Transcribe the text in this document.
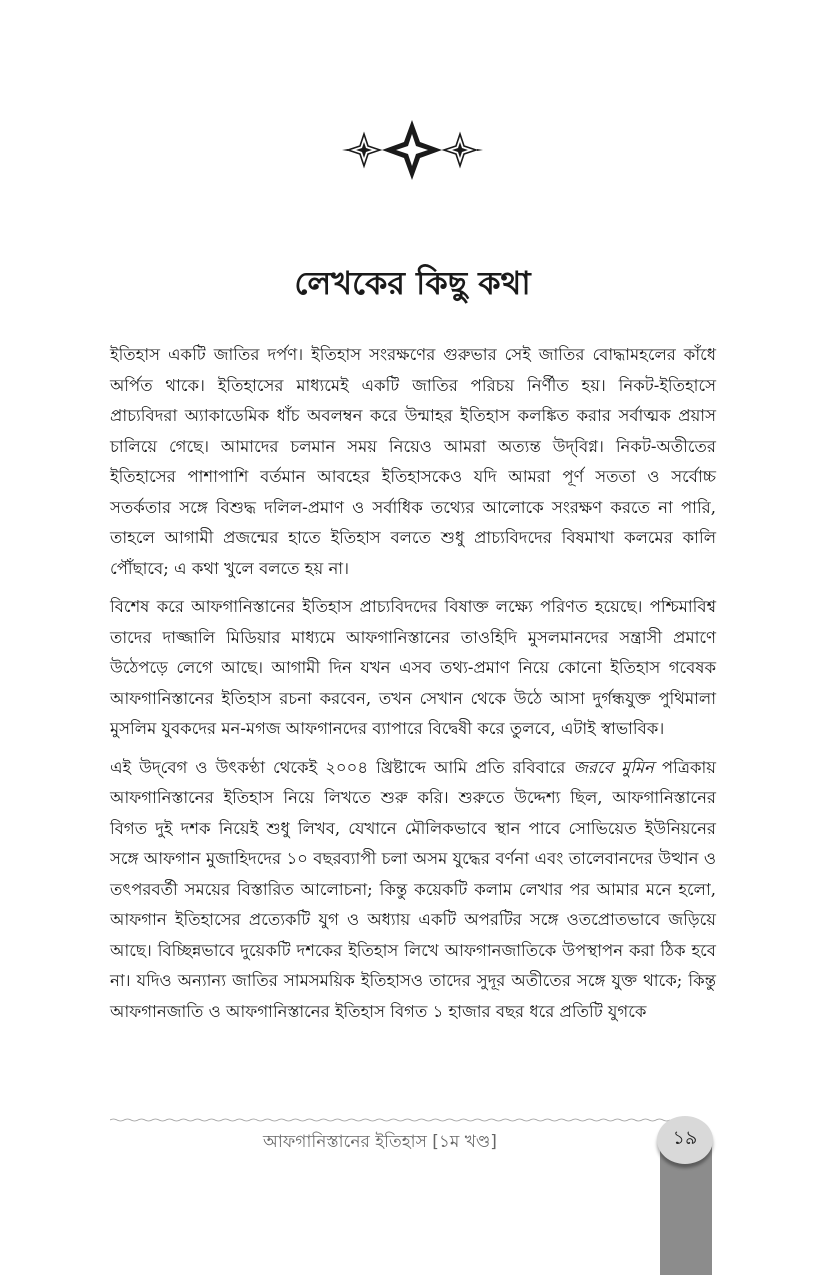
লেখকের কিছু কথা

ইতিহাস একটি জাতির দর্পণ। ইতিহাস সংরক্ষণের গুরুভার সেই জাতির বোদ্ধামহলের কাঁধে অর্পিত থাকে। ইতিহাসের মাধ্যমেই একটি জাতির পরিচয় নির্ণীত হয়। নিকট-ইতিহাসে প্রাচ্যবিদরা অ্যাকাডেমিক ধাঁচ অবলম্বন করে উন্মাহর ইতিহাস কলঙ্কিত করার সর্বাত্মক প্রয়াস চালিয়ে গেছে। আমাদের চলমান সময় নিয়েও আমরা অত্যন্ত উদ্‌বিগ্ন। নিকট-অতীতের ইতিহাসের পাশাপাশি বর্তমান আবহের ইতিহাসকেও যদি আমরা পূর্ণ সততা ও সর্বোচ্চ সতর্কতার সঙ্গে বিশুদ্ধ দলিল-প্রমাণ ও সর্বাধিক তথ্যের আলোকে সংরক্ষণ করতে না পারি, তাহলে আগামী প্রজন্মের হাতে ইতিহাস বলতে শুধু প্রাচ্যবিদদের বিষমাখা কলমের কালি পৌঁছাবে; এ কথা খুলে বলতে হয় না।

বিশেষ করে আফগানিস্তানের ইতিহাস প্রাচ্যবিদদের বিষাক্ত লক্ষ্যে পরিণত হয়েছে। পশ্চিমাবিশ্ব তাদের দাজ্জালি মিডিয়ার মাধ্যমে আফগানিস্তানের তাওহিদি মুসলমানদের সন্ত্রাসী প্রমাণে উঠেপড়ে লেগে আছে। আগামী দিন যখন এসব তথ্য-প্রমাণ নিয়ে কোনো ইতিহাস গবেষক আফগানিস্তানের ইতিহাস রচনা করবেন, তখন সেখান থেকে উঠে আসা দুর্গন্ধযুক্ত পুথিমালা মুসলিম যুবকদের মন-মগজ আফগানদের ব্যাপারে বিদ্বেষী করে তুলবে, এটাই স্বাভাবিক।

এই উদ্‌বেগ ও উৎকণ্ঠা থেকেই ২০০৪ খ্রিষ্টাব্দে আমি প্রতি রবিবারে জরবে মুমিন পত্রিকায় আফগানিস্তানের ইতিহাস নিয়ে লিখতে শুরু করি। শুরুতে উদ্দেশ্য ছিল, আফগানিস্তানের বিগত দুই দশক নিয়েই শুধু লিখব, যেখানে মৌলিকভাবে স্থান পাবে সোভিয়েত ইউনিয়নের সঙ্গে আফগান মুজাহিদদের ১০ বছরব্যাপী চলা অসম যুদ্ধের বর্ণনা এবং তালেবানদের উত্থান ও তৎপরবর্তী সময়ের বিস্তারিত আলোচনা; কিন্তু কয়েকটি কলাম লেখার পর আমার মনে হলো, আফগান ইতিহাসের প্রত্যেকটি যুগ ও অধ্যায় একটি অপরটির সঙ্গে ওতপ্রোতভাবে জড়িয়ে আছে। বিচ্ছিন্নভাবে দুয়েকটি দশকের ইতিহাস লিখে আফগানজাতিকে উপস্থাপন করা ঠিক হবে না। যদিও অন্যান্য জাতির সামসময়িক ইতিহাসও তাদের সুদূর অতীতের সঙ্গে যুক্ত থাকে; কিন্তু আফগানজাতি ও আফগানিস্তানের ইতিহাস বিগত ১ হাজার বছর ধরে প্রতিটি যুগকে

আফগানিস্তানের ইতিহাস [১ম খণ্ড]	১৯
